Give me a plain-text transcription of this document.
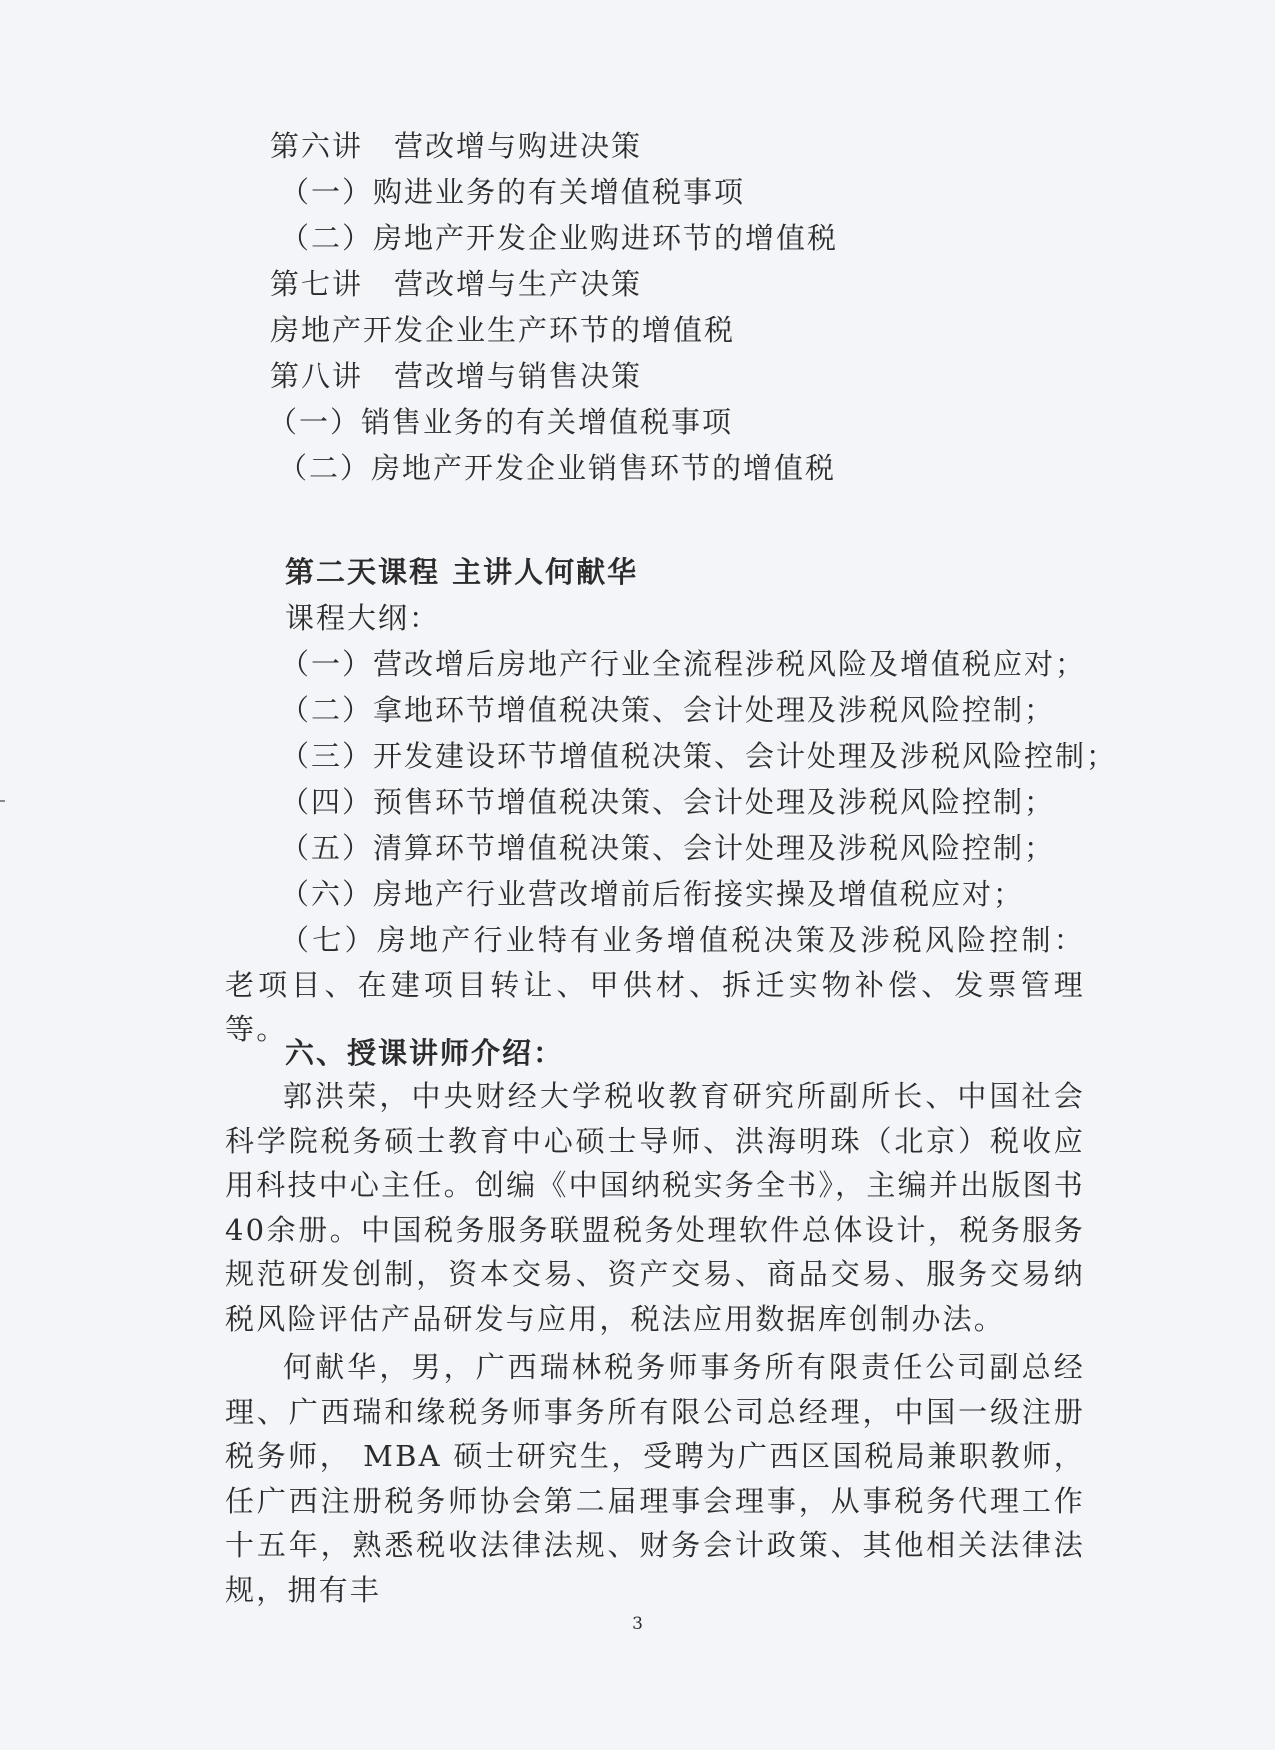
第六讲　营改增与购进决策
（一）购进业务的有关增值税事项
（二）房地产开发企业购进环节的增值税
第七讲　营改增与生产决策
房地产开发企业生产环节的增值税
第八讲　营改增与销售决策
（一）销售业务的有关增值税事项
（二）房地产开发企业销售环节的增值税
第二天课程 主讲人何献华
课程大纲：
（一）营改增后房地产行业全流程涉税风险及增值税应对；
（二）拿地环节增值税决策、会计处理及涉税风险控制；
（三）开发建设环节增值税决策、会计处理及涉税风险控制；
（四）预售环节增值税决策、会计处理及涉税风险控制；
（五）清算环节增值税决策、会计处理及涉税风险控制；
（六）房地产行业营改增前后衔接实操及增值税应对；

（七）房地产行业特有业务增值税决策及涉税风险控制：老项目、在建项目转让、甲供材、拆迁实物补偿、发票管理等。

六、授课讲师介绍：

郭洪荣，中央财经大学税收教育研究所副所长、中国社会科学院税务硕士教育中心硕士导师、洪海明珠（北京）税收应用科技中心主任。创编《中国纳税实务全书》，主编并出版图书40余册。中国税务服务联盟税务处理软件总体设计，税务服务规范研发创制，资本交易、资产交易、商品交易、服务交易纳税风险评估产品研发与应用，税法应用数据库创制办法。

何献华，男，广西瑞林税务师事务所有限责任公司副总经理、广西瑞和缘税务师事务所有限公司总经理，中国一级注册税务师， MBA 硕士研究生，受聘为广西区国税局兼职教师，任广西注册税务师协会第二届理事会理事，从事税务代理工作十五年，熟悉税收法律法规、财务会计政策、其他相关法律法规，拥有丰

3
